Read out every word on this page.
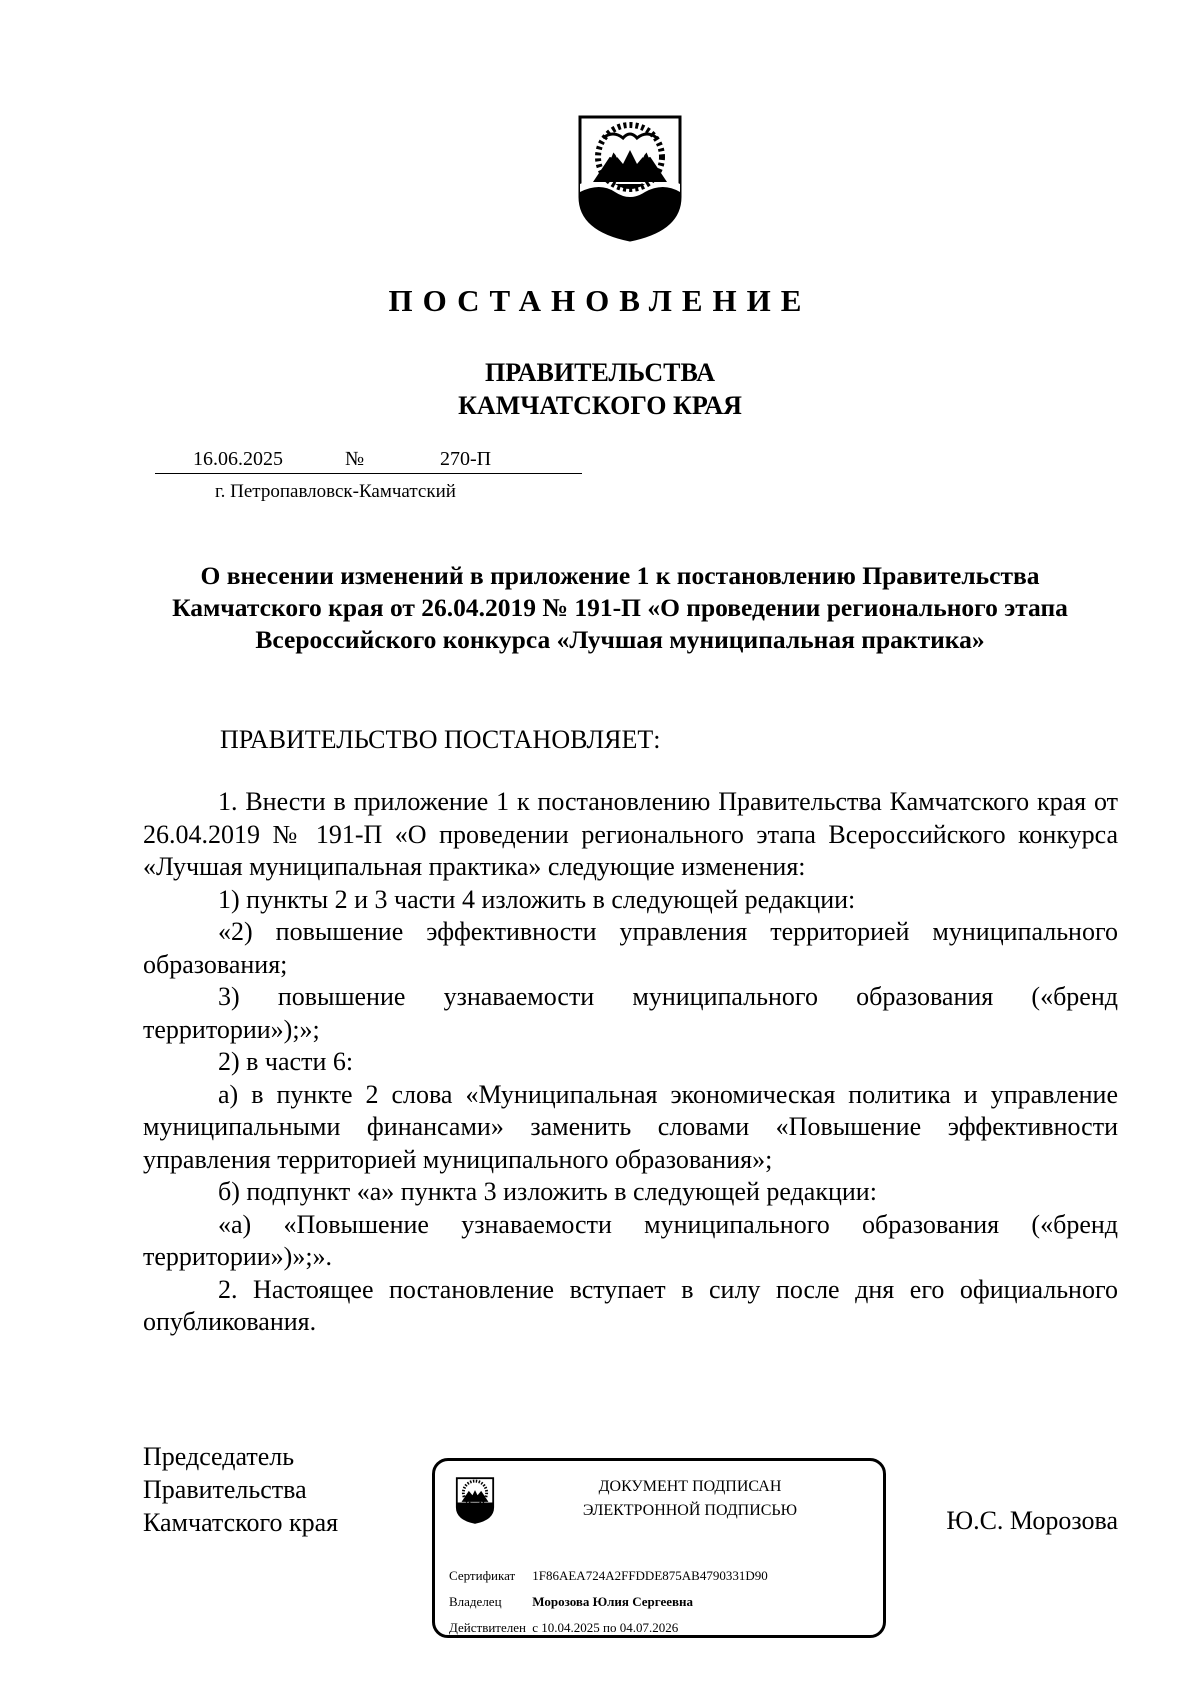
ПОСТАНОВЛЕНИЕ
ПРАВИТЕЛЬСТВА
КАМЧАТСКОГО КРАЯ
16.06.2025	№	270-П
г. Петропавловск-Камчатский
О внесении изменений в приложение 1 к постановлению Правительства Камчатского края от 26.04.2019 № 191-П «О проведении регионального этапа Всероссийского конкурса «Лучшая муниципальная практика»
ПРАВИТЕЛЬСТВО ПОСТАНОВЛЯЕТ:

1. Внести в приложение 1 к постановлению Правительства Камчатского края от 26.04.2019 № 191-П «О проведении регионального этапа Всероссийского конкурса «Лучшая муниципальная практика» следующие изменения:

1) пункты 2 и 3 части 4 изложить в следующей редакции:

«2) повышение эффективности управления территорией муниципального образования;

3) повышение узнаваемости муниципального образования («бренд территории»);»;

2) в части 6:

а) в пункте 2 слова «Муниципальная экономическая политика и управление муниципальными финансами» заменить словами «Повышение эффективности управления территорией муниципального образования»;

б) подпункт «а» пункта 3 изложить в следующей редакции:

«а) «Повышение узнаваемости муниципального образования («бренд территории»)»;».

2. Настоящее постановление вступает в силу после дня его официального опубликования.

Председатель
Правительства
Камчатского края
ДОКУМЕНТ ПОДПИСАН
ЭЛЕКТРОННОЙ ПОДПИСЬЮ
Сертификат 1F86AEA724A2FFDDE875AB4790331D90
Владелец Морозова Юлия Сергеевна
Действителен с 10.04.2025 по 04.07.2026
Ю.С. Морозова
